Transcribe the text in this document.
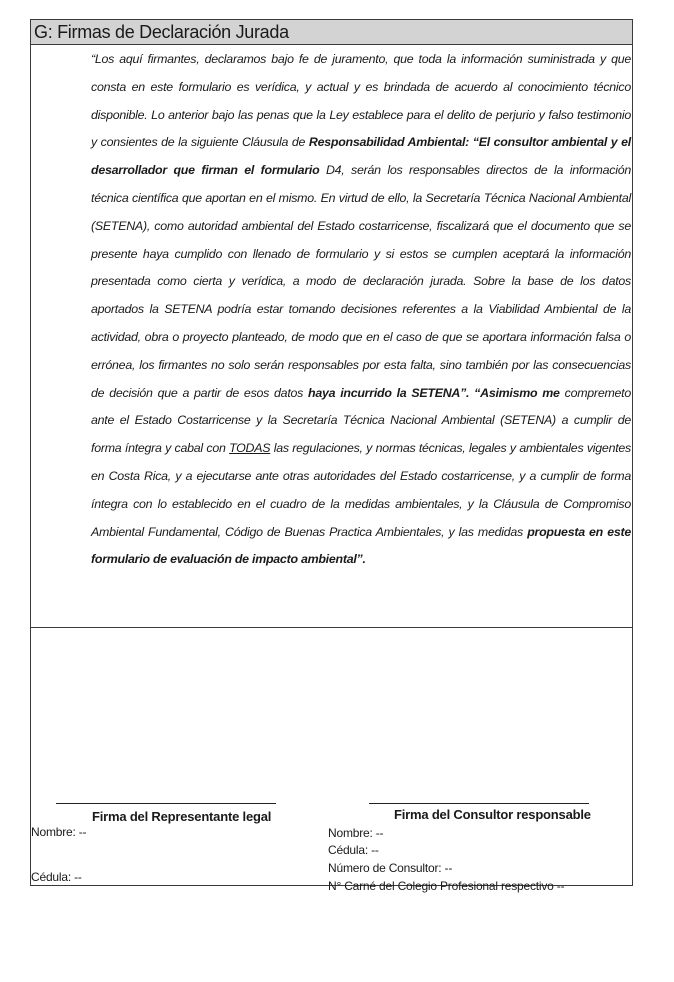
G: Firmas de Declaración Jurada
“Los aquí firmantes, declaramos bajo fe de juramento, que toda la información suministrada y que consta en este formulario es verídica, y actual y es brindada de acuerdo al conocimiento técnico disponible. Lo anterior bajo las penas que la Ley establece para el delito de perjurio y falso testimonio y consientes de la siguiente Cláusula de Responsabilidad Ambiental: “El consultor ambiental y el desarrollador que firman el formulario D4, serán los responsables directos de la información técnica científica que aportan en el mismo. En virtud de ello, la Secretaría Técnica Nacional Ambiental (SETENA), como autoridad ambiental del Estado costarricense, fiscalizará que el documento que se presente haya cumplido con llenado de formulario y si estos se cumplen aceptará la información presentada como cierta y verídica, a modo de declaración jurada. Sobre la base de los datos aportados la SETENA podría estar tomando decisiones referentes a la Viabilidad Ambiental de la actividad, obra o proyecto planteado, de modo que en el caso de que se aportara información falsa o errónea, los firmantes no solo serán responsables por esta falta, sino también por las consecuencias de decisión que a partir de esos datos haya incurrido la SETENA”. “Asimismo me compremeto ante el Estado Costarricense y la Secretaría Técnica Nacional Ambiental (SETENA) a cumplir de forma íntegra y cabal con TODAS las regulaciones, y normas técnicas, legales y ambientales vigentes en Costa Rica, y a ejecutarse ante otras autoridades del Estado costarricense, y a cumplir de forma íntegra con lo establecido en el cuadro de la medidas ambientales, y la Cláusula de Compromiso Ambiental Fundamental, Código de Buenas Practica Ambientales, y las medidas propuesta en este formulario de evaluación de impacto ambiental”.
Firma del Representante legal
Nombre: --
Cédula: --
Firma del Consultor responsable
Nombre: --
Cédula: --
Número de Consultor: --
N° Carné del Colegio Profesional respectivo --
